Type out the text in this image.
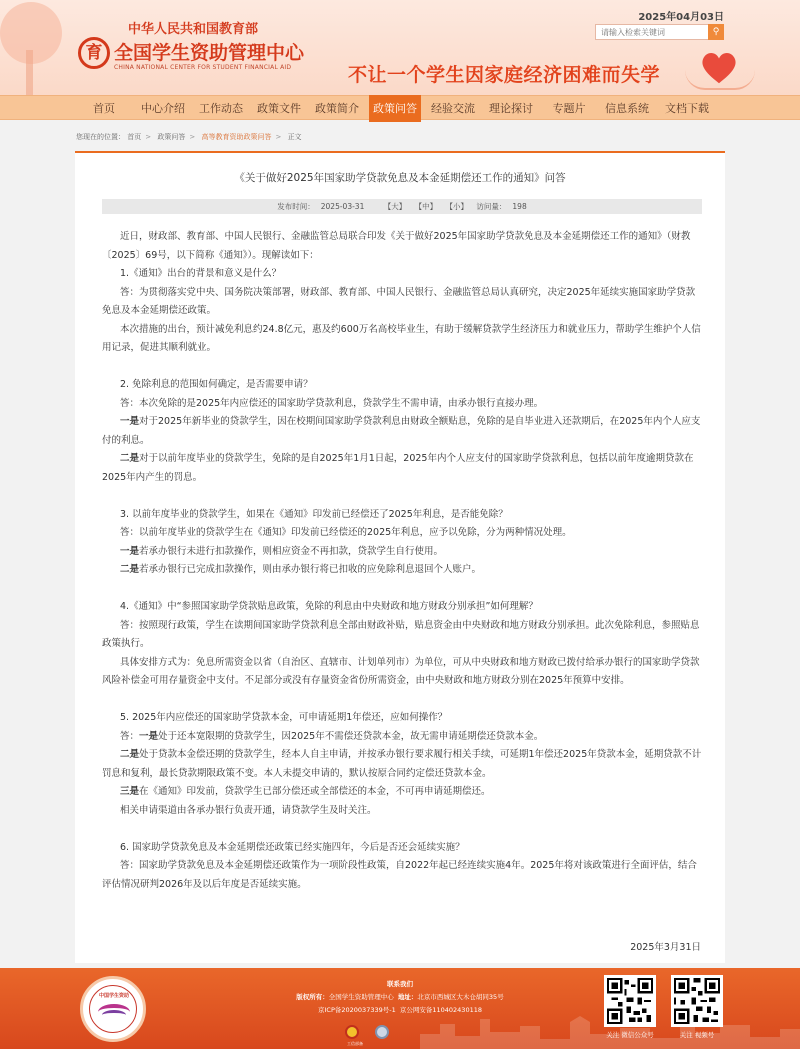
中华人民共和国教育部
育 全国学生资助管理中心
CHINA NATIONAL CENTER FOR STUDENT FINANCIAL AID
2025年04月03日
请输入检索关键词
⚲
不让一个学生因家庭经济困难而失学
首页	中心介绍	工作动态	政策文件	政策简介	政策问答	经验交流	理论探讨	专题片	信息系统	文档下载
您现在的位置： 首页 > 政策问答 > 高等教育资助政策问答 > 正文
《关于做好2025年国家助学贷款免息及本金延期偿还工作的通知》问答
发布时间： 2025-03-31	【大】 【中】 【小】 访问量： 198

近日，财政部、教育部、中国人民银行、金融监管总局联合印发《关于做好2025年国家助学贷款免息及本金延期偿还工作的通知》（财教〔2025〕69号，以下简称《通知》）。现解读如下：

1.《通知》出台的背景和意义是什么？

答：为贯彻落实党中央、国务院决策部署，财政部、教育部、中国人民银行、金融监管总局认真研究，决定2025年延续实施国家助学贷款免息及本金延期偿还政策。

本次措施的出台，预计减免利息约24.8亿元，惠及约600万名高校毕业生，有助于缓解贷款学生经济压力和就业压力，帮助学生维护个人信用记录，促进其顺利就业。

2. 免除利息的范围如何确定，是否需要申请？

答：本次免除的是2025年内应偿还的国家助学贷款利息，贷款学生不需申请，由承办银行直接办理。

一是对于2025年新毕业的贷款学生，因在校期间国家助学贷款利息由财政全额贴息，免除的是自毕业进入还款期后，在2025年内个人应支付的利息。

二是对于以前年度毕业的贷款学生，免除的是自2025年1月1日起，2025年内个人应支付的国家助学贷款利息，包括以前年度逾期贷款在2025年内产生的罚息。

3. 以前年度毕业的贷款学生，如果在《通知》印发前已经偿还了2025年利息，是否能免除？

答：以前年度毕业的贷款学生在《通知》印发前已经偿还的2025年利息，应予以免除，分为两种情况处理。

一是若承办银行未进行扣款操作，则相应资金不再扣款，贷款学生自行使用。

二是若承办银行已完成扣款操作，则由承办银行将已扣收的应免除利息退回个人账户。

4.《通知》中“参照国家助学贷款贴息政策，免除的利息由中央财政和地方财政分别承担”如何理解？

答：按照现行政策，学生在读期间国家助学贷款利息全部由财政补贴，贴息资金由中央财政和地方财政分别承担。此次免除利息，参照贴息政策执行。

具体安排方式为：免息所需资金以省（自治区、直辖市、计划单列市）为单位，可从中央财政和地方财政已拨付给承办银行的国家助学贷款风险补偿金可用存量资金中支付。不足部分或没有存量资金省份所需资金，由中央财政和地方财政分别在2025年预算中安排。

5. 2025年内应偿还的国家助学贷款本金，可申请延期1年偿还，应如何操作？

答：一是处于还本宽限期的贷款学生，因2025年不需偿还贷款本金，故无需申请延期偿还贷款本金。

二是处于贷款本金偿还期的贷款学生，经本人自主申请，并按承办银行要求履行相关手续，可延期1年偿还2025年贷款本金，延期贷款不计罚息和复利，最长贷款期限政策不变。本人未提交申请的，默认按原合同约定偿还贷款本金。

三是在《通知》印发前，贷款学生已部分偿还或全部偿还的本金，不可再申请延期偿还。

相关申请渠道由各承办银行负责开通，请贷款学生及时关注。

6. 国家助学贷款免息及本金延期偿还政策已经实施四年，今后是否还会延续实施？

答：国家助学贷款免息及本金延期偿还政策作为一项阶段性政策，自2022年起已经连续实施4年。2025年将对该政策进行全面评估，结合评估情况研判2026年及以后年度是否延续实施。

2025年3月31日
中国学生资助
联系我们
版权所有：全国学生资助管理中心 地址：北京市西城区大木仓胡同35号
京ICP备2020037339号-1 京公网安备110402430118
工信部备
关注 微信公众号	关注 视频号
